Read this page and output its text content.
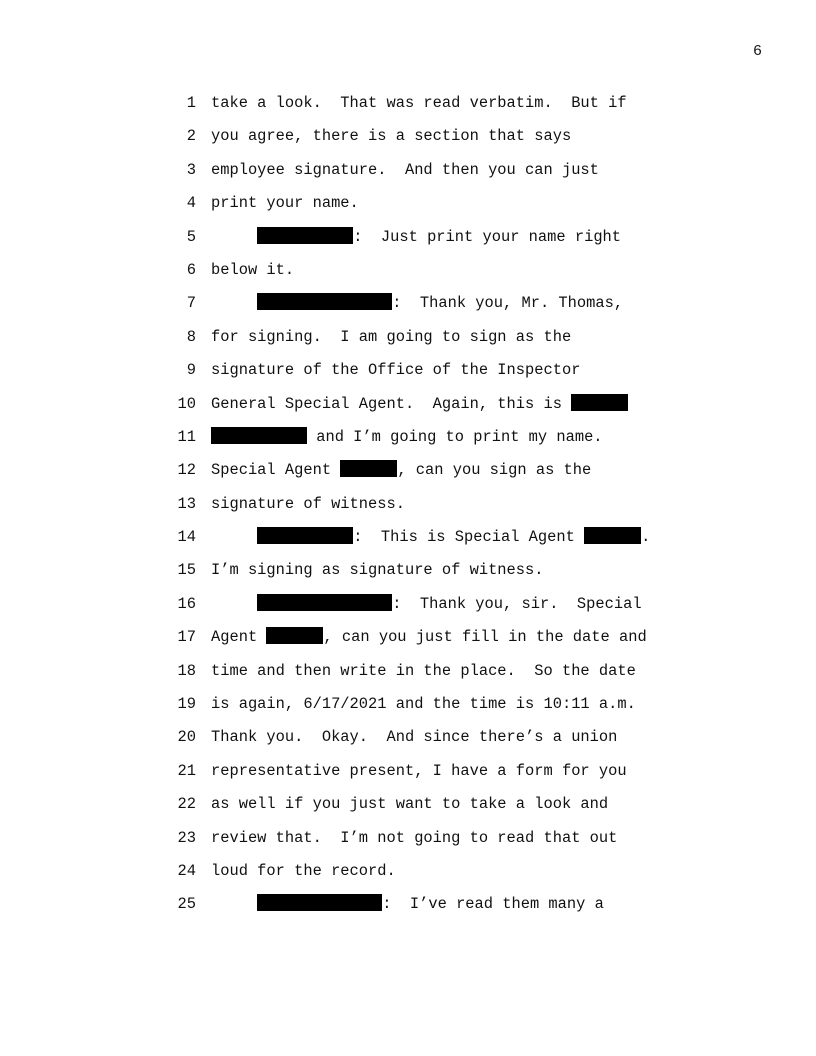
6
1 take a look.  That was read verbatim.  But if
2 you agree, there is a section that says
3 employee signature.  And then you can just
4 print your name.
5	:  Just print your name right
6 below it.
7	:  Thank you, Mr. Thomas,
8 for signing.  I am going to sign as the
9 signature of the Office of the Inspector
10 General Special Agent.  Again, this is
11	and I’m going to print my name.
12 Special Agent	, can you sign as the
13 signature of witness.
14	:  This is Special Agent	.
15 I’m signing as signature of witness.
16	:  Thank you, sir.  Special
17 Agent	, can you just fill in the date and
18 time and then write in the place.  So the date
19 is again, 6/17/2021 and the time is 10:11 a.m.
20 Thank you.  Okay.  And since there’s a union
21 representative present, I have a form for you
22 as well if you just want to take a look and
23 review that.  I’m not going to read that out
24 loud for the record.
25	:  I’ve read them many a
